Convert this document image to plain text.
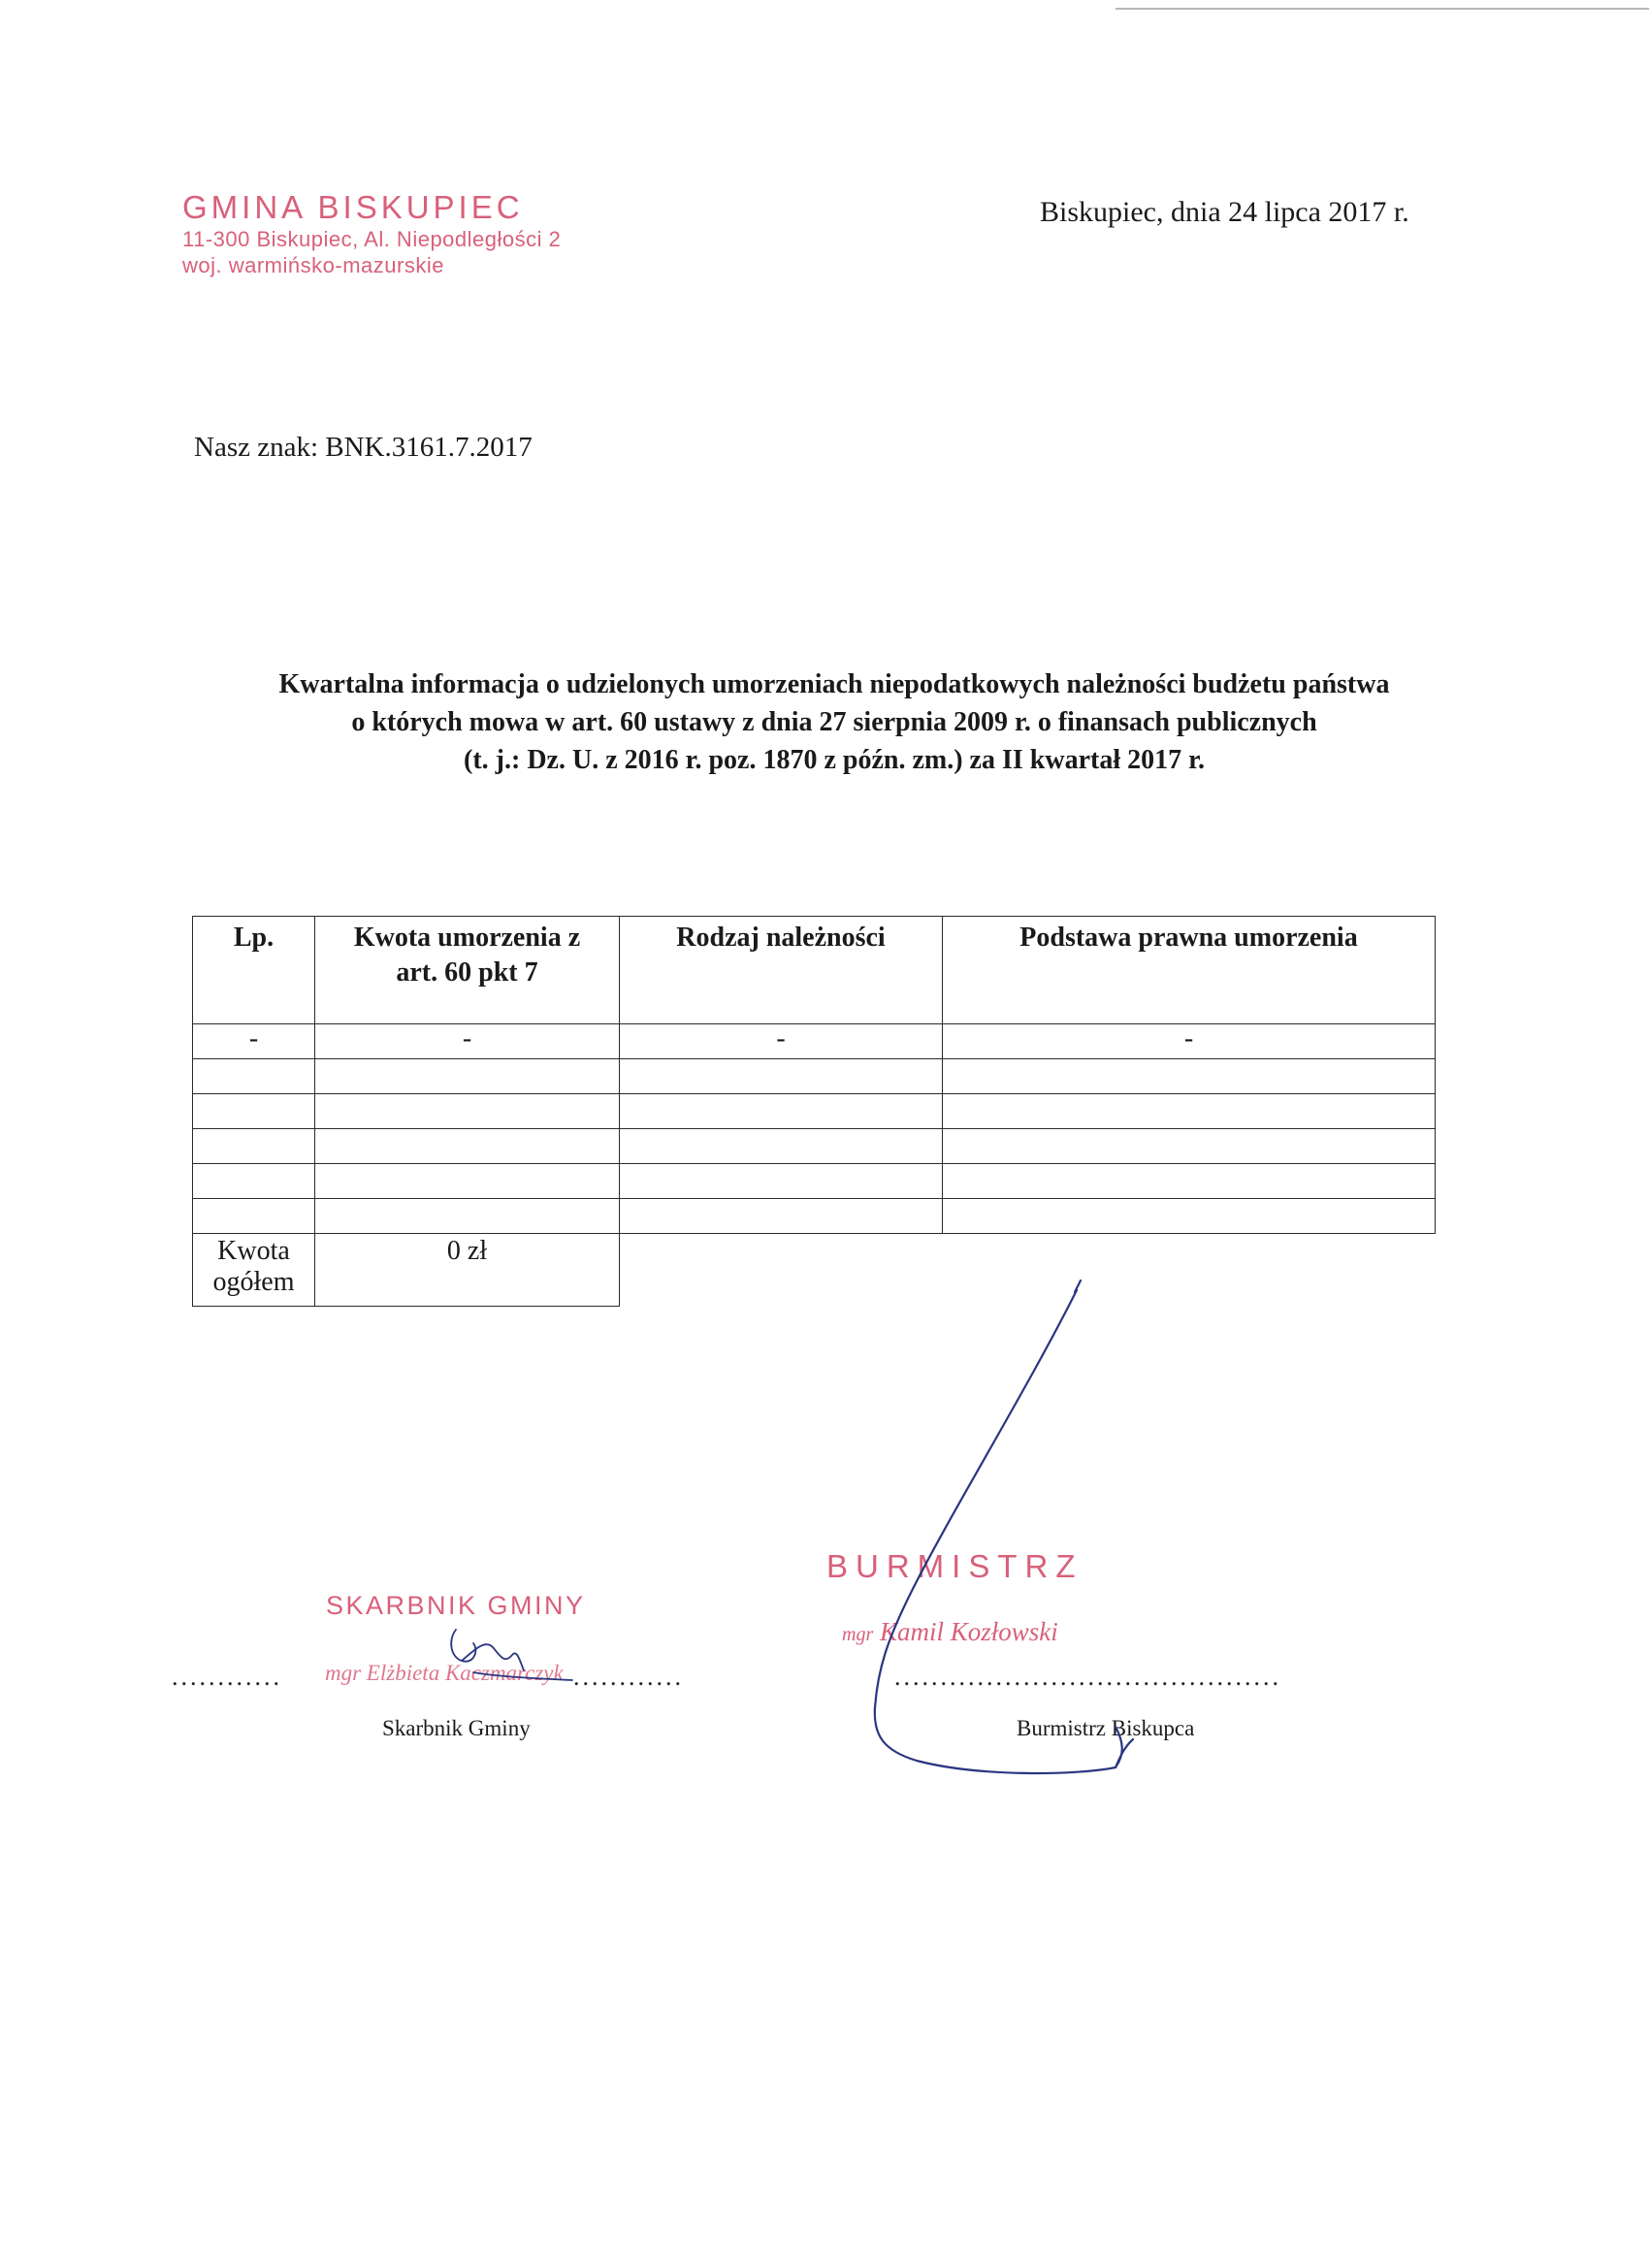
GMINA BISKUPIEC
11-300 Biskupiec, Al. Niepodległości 2
woj. warmińsko-mazurskie
Biskupiec, dnia 24 lipca 2017 r.
Nasz znak: BNK.3161.7.2017
Kwartalna informacja o udzielonych umorzeniach niepodatkowych należności budżetu państwa
o których mowa w art. 60 ustawy z dnia 27 sierpnia 2009 r. o finansach publicznych
(t. j.: Dz. U. z 2016 r. poz. 1870 z późn. zm.) za II kwartał 2017 r.
Lp.	Kwota umorzenia z art. 60 pkt 7	Rodzaj należności	Podstawa prawna umorzenia
-	-	-	-

Kwota ogółem	0 zł		
SKARBNIK GMINY
mgr Elżbieta Kaczmarczyk
............	............
Skarbnik Gminy
BURMISTRZ
mgr Kamil Kozłowski
..........................................
Burmistrz Biskupca
